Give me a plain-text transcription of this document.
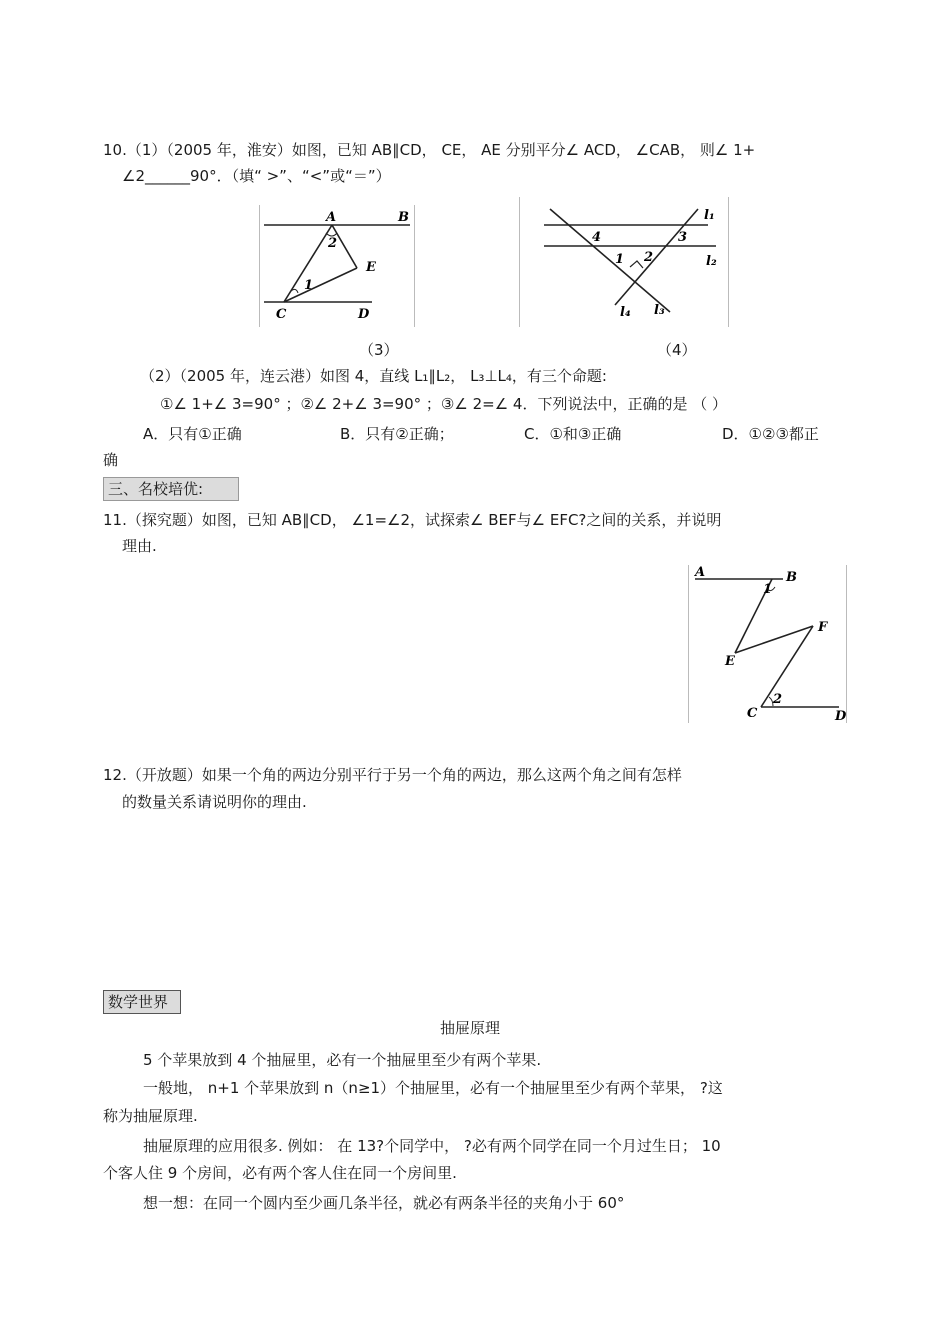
10.（1）（2005 年，淮安）如图，已知 AB∥CD， CE， AE 分别平分∠ ACD， ∠CAB， 则∠ 1+
∠2______90°．（填“ >”、“<”或“＝”）
A	B
2
E
1
C	D
l₁
4	3
l₂
1 2
l₄ l₃
（3）	（4）
（2）（2005 年，连云港）如图 4，直线 L₁∥L₂， L₃⊥L₄，有三个命题:
①∠ 1+∠ 3=90° ；②∠ 2+∠ 3=90° ；③∠ 2=∠ 4．下列说法中，正确的是 （ ）
A．只有①正确	B．只有②正确；	C．①和③正确	D．①②③都正
确
三、名校培优:
11.（探究题）如图，已知 AB∥CD， ∠1=∠2，试探索∠ BEF与∠ EFC?之间的关系，并说明
理由.
A	B
1
F
E
2
C	D
12.（开放题）如果一个角的两边分别平行于另一个角的两边，那么这两个角之间有怎样
的数量关系请说明你的理由.
数学世界
抽屉原理
5 个苹果放到 4 个抽屉里，必有一个抽屉里至少有两个苹果.
一般地， n+1 个苹果放到 n（n≥1）个抽屉里，必有一个抽屉里至少有两个苹果， ?这
称为抽屉原理.
抽屉原理的应用很多. 例如： 在 13?个同学中， ?必有两个同学在同一个月过生日； 10
个客人住 9 个房间，必有两个客人住在同一个房间里.
想一想：在同一个圆内至少画几条半径，就必有两条半径的夹角小于 60°
